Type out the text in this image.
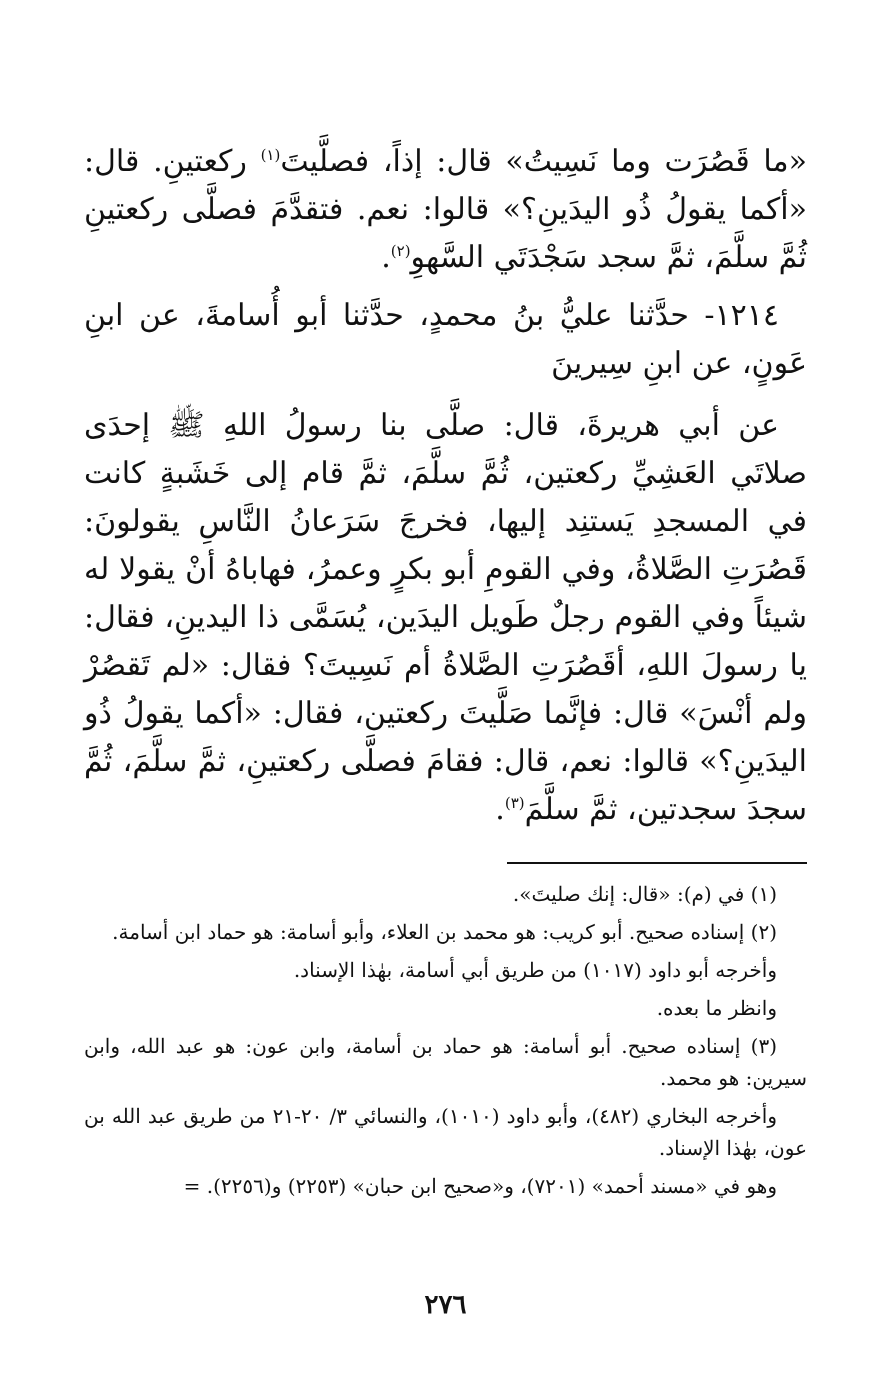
«ما قَصُرَت وما نَسِيتُ» قال: إذاً، فصلَّيتَ$^{(١)}$ ركعتينِ. قال: «أكما يقولُ ذُو اليدَينِ؟» قالوا: نعم. فتقدَّمَ فصلَّى ركعتينِ ثُمَّ سلَّمَ، ثمَّ سجد سَجْدَتَي السَّهوِ$^{(٢)}$.

١٢١٤- حدَّثنا عليُّ بنُ محمدٍ، حدَّثنا أبو أُسامةَ، عن ابنِ عَونٍ، عن ابنِ سِيرينَ

عن أبي هريرةَ، قال: صلَّى بنا رسولُ اللهِ ﷺ إحدَى صلاتَي العَشِيِّ ركعتين، ثُمَّ سلَّمَ، ثمَّ قام إلى خَشَبةٍ كانت في المسجدِ يَستنِد إليها، فخرجَ سَرَعانُ النَّاسِ يقولونَ: قَصُرَتِ الصَّلاةُ، وفي القومِ أبو بكرٍ وعمرُ، فهاباهُ أنْ يقولا له شيئاً وفي القوم رجلٌ طَويل اليدَين، يُسَمَّى ذا اليدينِ، فقال: يا رسولَ اللهِ، أقَصُرَتِ الصَّلاةُ أم نَسِيتَ؟ فقال: «لم تَقصُرْ ولم أنْسَ» قال: فإنَّما صَلَّيتَ ركعتين، فقال: «أكما يقولُ ذُو اليدَينِ؟» قالوا: نعم، قال: فقامَ فصلَّى ركعتينِ، ثمَّ سلَّمَ، ثُمَّ سجدَ سجدتين، ثمَّ سلَّمَ$^{(٣)}$.

(١) في (م): «قال: إنك صليتَ».

(٢) إسناده صحيح. أبو كريب: هو محمد بن العلاء، وأبو أسامة: هو حماد ابن أسامة.

وأخرجه أبو داود (١٠١٧) من طريق أبي أسامة، بهٰذا الإسناد.

وانظر ما بعده.

(٣) إسناده صحيح. أبو أسامة: هو حماد بن أسامة، وابن عون: هو عبد الله، وابن سيرين: هو محمد.

وأخرجه البخاري (٤٨٢)، وأبو داود (١٠١٠)، والنسائي ٣/ ٢٠-٢١ من طريق عبد الله بن عون، بهٰذا الإسناد.

وهو في «مسند أحمد» (٧٢٠١)، و«صحيح ابن حبان» (٢٢٥٣) و(٢٢٥٦). =

٢٧٦
